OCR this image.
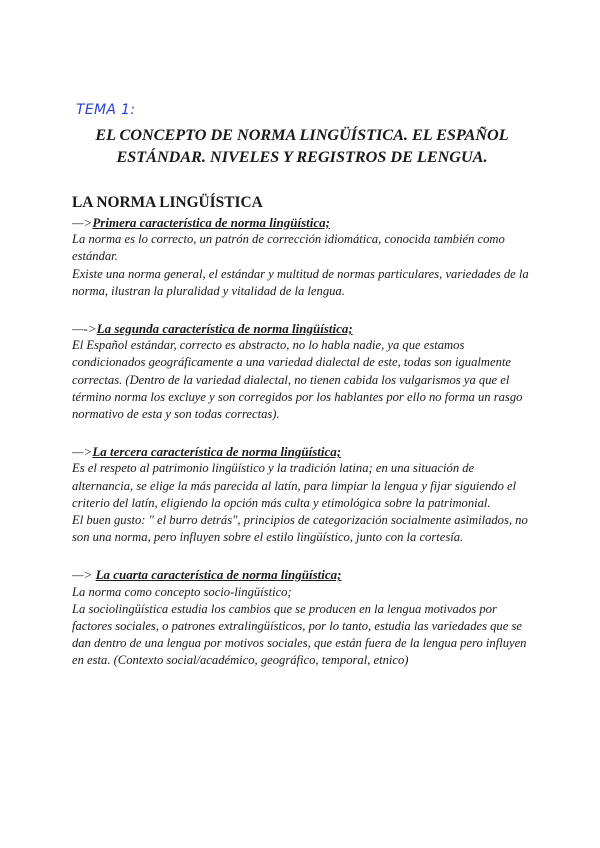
TEMA 1:
EL CONCEPTO DE NORMA LINGÜÍSTICA. EL ESPAÑOL
ESTÁNDAR. NIVELES Y REGISTROS DE LENGUA.
LA NORMA LINGÜÍSTICA

—>Primera característica de norma lingüística;

La norma es lo correcto, un patrón de corrección idiomática, conocida también como estándar.

Existe una norma general, el estándar y multitud de normas particulares, variedades de la norma, ilustran la pluralidad y vitalidad de la lengua.

—->La segunda característica de norma lingüística;

El Español estándar, correcto es abstracto, no lo habla nadie, ya que estamos condicionados geográficamente a una variedad dialectal de este, todas son igualmente correctas. (Dentro de la variedad dialectal, no tienen cabida los vulgarismos ya que el término norma los excluye y son corregidos por los hablantes por ello no forma un rasgo normativo de esta y son todas correctas).

—>La tercera característica de norma lingüística;

Es el respeto al patrimonio lingüístico y la tradición latina; en una situación de alternancia, se elige la más parecida al latín, para limpiar la lengua y fijar siguiendo el criterio del latín, eligiendo la opción más culta y etimológica sobre la patrimonial.

El buen gusto: " el burro detrás", principios de categorización socialmente asimilados, no son una norma, pero influyen sobre el estilo lingüístico, junto con la cortesía.

—> La cuarta característica de norma lingüística;

La norma como concepto socio-lingüístico;

La sociolingüística estudia los cambios que se producen en la lengua motivados por factores sociales, o patrones extralingüísticos, por lo tanto, estudia las variedades que se dan dentro de una lengua por motivos sociales, que están fuera de la lengua pero influyen en esta. (Contexto social/académico, geográfico, temporal, etnico)
